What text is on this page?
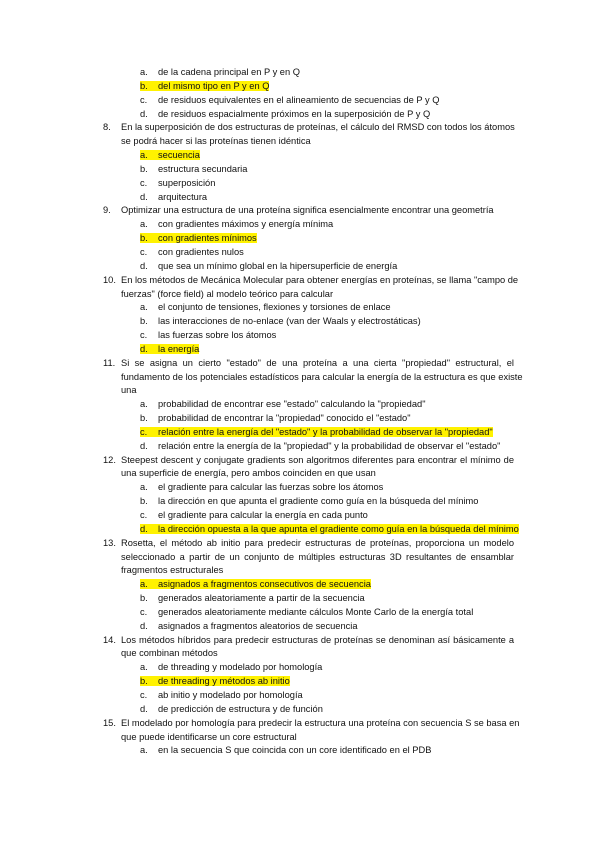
a. de la cadena principal en P y en Q
b. del mismo tipo en P y en Q
c. de residuos equivalentes en el alineamiento de secuencias de P y Q
d. de residuos espacialmente próximos en la superposición de P y Q
8.	En la superposición de dos estructuras de proteínas, el cálculo del RMSD con todos los átomos
se podrá hacer si las proteínas tienen idéntica
a. secuencia
b. estructura secundaria
c. superposición
d. arquitectura
9.	Optimizar una estructura de una proteína significa esencialmente encontrar una geometría
a. con gradientes máximos y energía mínima
b. con gradientes mínimos
c. con gradientes nulos
d. que sea un mínimo global en la hipersuperficie de energía
10. En los métodos de Mecánica Molecular para obtener energías en proteínas, se llama "campo de
fuerzas" (force field) al modelo teórico para calcular
a. el conjunto de tensiones, flexiones y torsiones de enlace
b. las interacciones de no-enlace (van der Waals y electrostáticas)
c. las fuerzas sobre los átomos
d. la energía
11. Si se asigna un cierto "estado" de una proteína a una cierta "propiedad" estructural, el
fundamento de los potenciales estadísticos para calcular la energía de la estructura es que existe
una
a. probabilidad de encontrar ese "estado" calculando la "propiedad"
b. probabilidad de encontrar la "propiedad" conocido el "estado"
c. relación entre la energía del "estado" y la probabilidad de observar la "propiedad"
d. relación entre la energía de la "propiedad" y la probabilidad de observar el "estado"
12. Steepest descent y conjugate gradients son algoritmos diferentes para encontrar el mínimo de
una superficie de energía, pero ambos coinciden en que usan
a. el gradiente para calcular las fuerzas sobre los átomos
b. la dirección en que apunta el gradiente como guía en la búsqueda del mínimo
c. el gradiente para calcular la energía en cada punto
d. la dirección opuesta a la que apunta el gradiente como guía en la búsqueda del mínimo
13. Rosetta, el método ab initio para predecir estructuras de proteínas, proporciona un modelo
seleccionado a partir de un conjunto de múltiples estructuras 3D resultantes de ensamblar
fragmentos estructurales
a. asignados a fragmentos consecutivos de secuencia
b. generados aleatoriamente a partir de la secuencia
c. generados aleatoriamente mediante cálculos Monte Carlo de la energía total
d. asignados a fragmentos aleatorios de secuencia
14. Los métodos híbridos para predecir estructuras de proteínas se denominan así básicamente a
que combinan métodos
a. de threading y modelado por homología
b. de threading y métodos ab initio
c. ab initio y modelado por homología
d. de predicción de estructura y de función
15. El modelado por homología para predecir la estructura una proteína con secuencia S se basa en
que puede identificarse un core estructural
a. en la secuencia S que coincida con un core identificado en el PDB
